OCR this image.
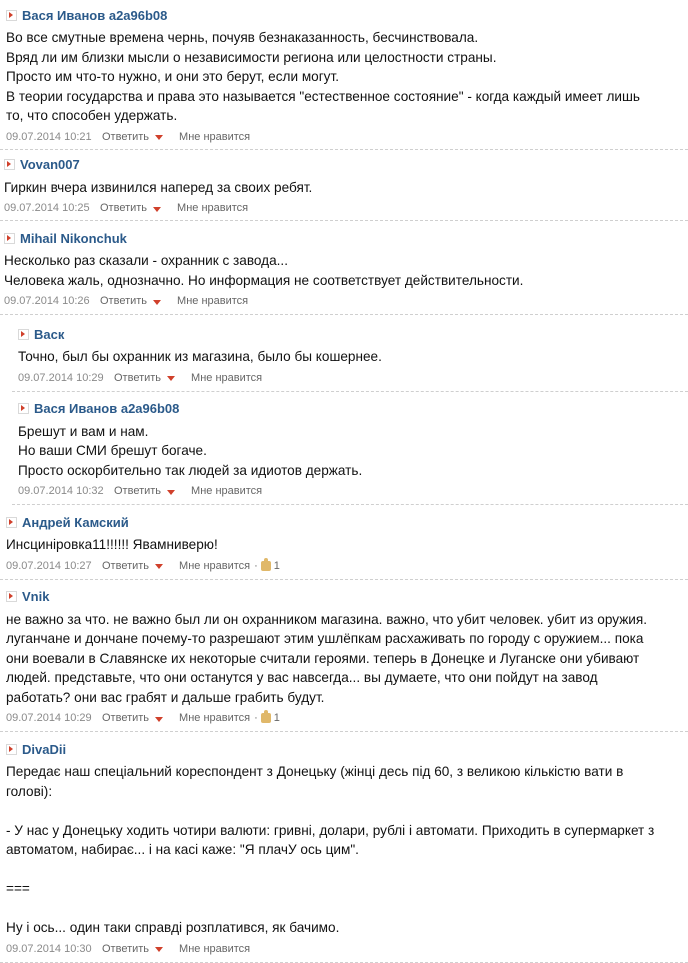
Вася Иванов a2a96b08
Во все смутные времена чернь, почуяв безнаказанность, бесчинствовала.
Вряд ли им близки мысли о независимости региона или целостности страны.
Просто им что-то нужно, и они это берут, если могут.
В теории государства и права это называется "естественное состояние" - когда каждый имеет лишь
то, что способен удержать.
09.07.2014 10:21 Ответить	Мне нравится
Vovan007
Гиркин вчера извинился наперед за своих ребят.
09.07.2014 10:25 Ответить	Мне нравится
Mihail Nikonchuk
Несколько раз сказали - охранник с завода...
Человека жаль, однозначно. Но информация не соответствует действительности.
09.07.2014 10:26 Ответить	Мне нравится
Васк
Точно, был бы охранник из магазина, было бы кошернее.
09.07.2014 10:29 Ответить	Мне нравится
Вася Иванов a2a96b08
Брешут и вам и нам.
Но ваши СМИ брешут богаче.
Просто оскорбительно так людей за идиотов держать.
09.07.2014 10:32 Ответить	Мне нравится
Андрей Камский
Инсциніровка11!!!!!! Явамниверю!
09.07.2014 10:27 Ответить	Мне нравится · 1
Vnik
не важно за что. не важно был ли он охранником магазина. важно, что убит человек. убит из оружия.
луганчане и дончане почему-то разрешают этим ушлёпкам расхаживать по городу с оружием... пока
они воевали в Славянске их некоторые считали героями. теперь в Донецке и Луганске они убивают
людей. представьте, что они останутся у вас навсегда... вы думаете, что они пойдут на завод
работать? они вас грабят и дальше грабить будут.
09.07.2014 10:29 Ответить	Мне нравится · 1
DivaDii
Передає наш спеціальний кореспондент з Донецьку (жінці десь під 60, з великою кількістю вати в
голові):
- У нас у Донецьку ходить чотири валюти: гривні, долари, рублі і автомати. Приходить в супермаркет з
автоматом, набирає... і на касі каже: "Я плачУ ось цим".
===
Ну і ось... один таки справді розплатився, як бачимо.
09.07.2014 10:30 Ответить	Мне нравится
